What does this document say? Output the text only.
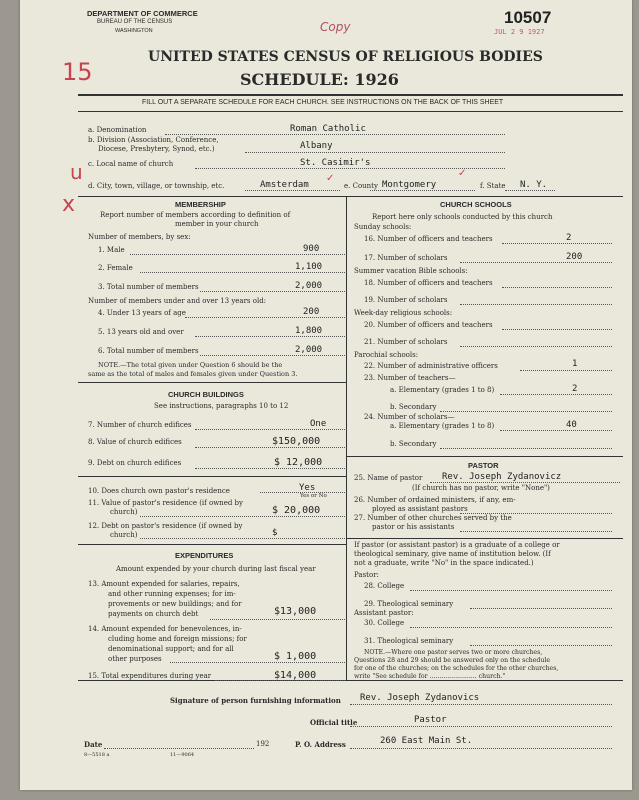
DEPARTMENT OF COMMERCE
BUREAU OF THE CENSUS
WASHINGTON	Copy	10507
JUL 2 9 1927
15
UNITED STATES CENSUS OF RELIGIOUS BODIES
SCHEDULE: 1926
FILL OUT A SEPARATE SCHEDULE FOR EACH CHURCH. SEE INSTRUCTIONS ON THE BACK OF THIS SHEET
a. Denomination	Roman Catholic
b. Division (Association, Conference,
Diocese, Presbytery, Synod, etc.)	Albany
c. Local name of church	St. Casimir's
u
x
d. City, town, village, or township, etc.	Amsterdam
✓
e. County Montgomery
✓
f. State N. Y.
MEMBERSHIP
Report number of members according to definition of
member in your church
Number of members, by sex:
1. Male	900
2. Female	1,100
3. Total number of members	2,000
Number of members under and over 13 years old:
4. Under 13 years of age	200
5. 13 years old and over	1,800
6. Total number of members	2,000
NOTE.—The total given under Question 6 should be the
same as the total of males and females given under Question 3.
CHURCH BUILDINGS
See instructions, paragraphs 10 to 12
7. Number of church edifices	One
8. Value of church edifices	$150,000
9. Debt on church edifices	$ 12,000
10. Does church own pastor's residence	Yes
Yes or No
11. Value of pastor's residence (if owned by
church)	$ 20,000
12. Debt on pastor's residence (if owned by
church)	$
EXPENDITURES
Amount expended by your church during last fiscal year
13. Amount expended for salaries, repairs,
and other running expenses; for im-
provements or new buildings; and for
payments on church debt	$13,000
14. Amount expended for benevolences, in-
cluding home and foreign missions; for
denominational support; and for all
other purposes	$ 1,000
15. Total expenditures during year	$14,000
CHURCH SCHOOLS
Report here only schools conducted by this church
Sunday schools:
16. Number of officers and teachers	2
17. Number of scholars	200
Summer vacation Bible schools:
18. Number of officers and teachers
19. Number of scholars
Week-day religious schools:
20. Number of officers and teachers
21. Number of scholars
Parochial schools:
22. Number of administrative officers	1
23. Number of teachers—
a. Elementary (grades 1 to 8)	2
b. Secondary
24. Number of scholars—
a. Elementary (grades 1 to 8)	40
b. Secondary
PASTOR
25. Name of pastor Rev. Joseph Zydanovicz
(If church has no pastor, write "None")
26. Number of ordained ministers, if any, em-
ployed as assistant pastors
27. Number of other churches served by the
pastor or his assistants
If pastor (or assistant pastor) is a graduate of a college or
theological seminary, give name of institution below. (If
not a graduate, write "No" in the space indicated.)
Pastor:
28. College
29. Theological seminary
Assistant pastor:
30. College
31. Theological seminary
NOTE.—Where one pastor serves two or more churches,
Questions 28 and 29 should be answered only on the schedule
for one of the churches; on the schedules for the other churches,
write "See schedule for ........................ church."
Signature of person furnishing information Rev. Joseph Zydanovics
Official title	Pastor
Date	192	P. O. Address	260 East Main St.
8—5518 a	11—9064
